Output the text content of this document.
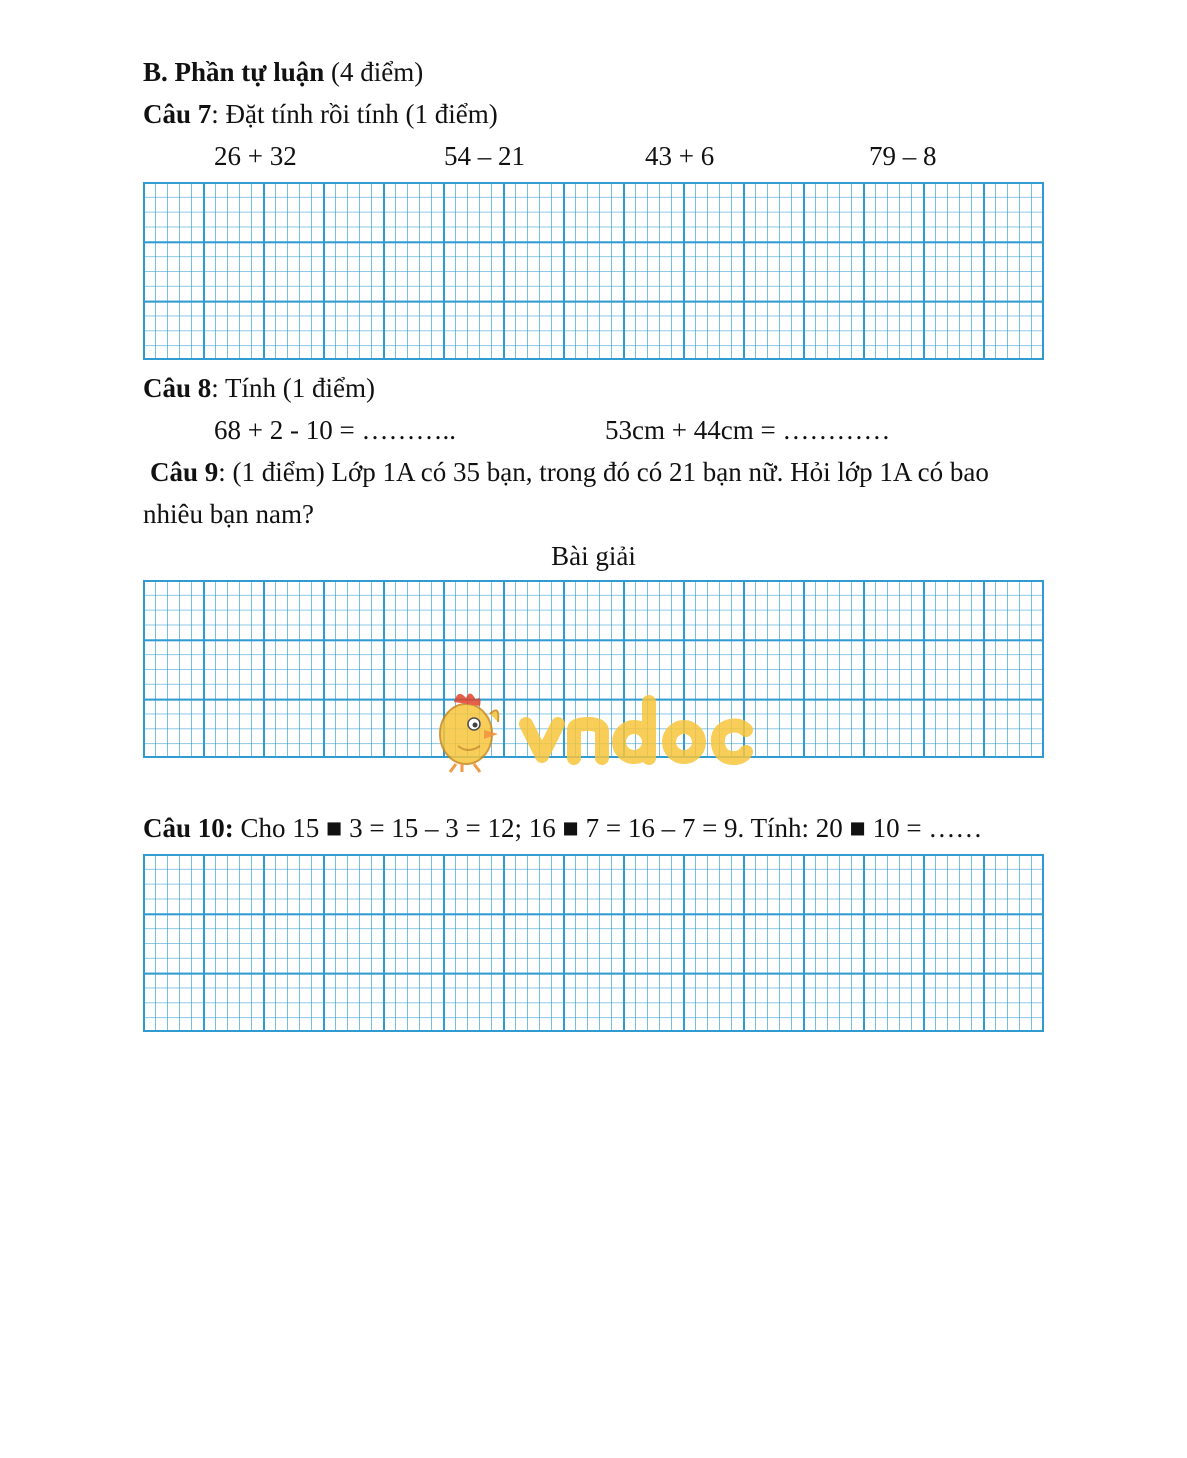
B. Phần tự luận (4 điểm)
Câu 7: Đặt tính rồi tính (1 điểm)
26 + 32	54 – 21	43 + 6	79 – 8
Câu 8: Tính (1 điểm)
68 + 2 - 10 = ………..	53cm + 44cm = …………
Câu 9: (1 điểm) Lớp 1A có 35 bạn, trong đó có 21 bạn nữ. Hỏi lớp 1A có bao
nhiêu bạn nam?
Bài giải
Câu 10: Cho 15 ■ 3 = 15 – 3 = 12; 16 ■ 7 = 16 – 7 = 9. Tính: 20 ■ 10 = ……
